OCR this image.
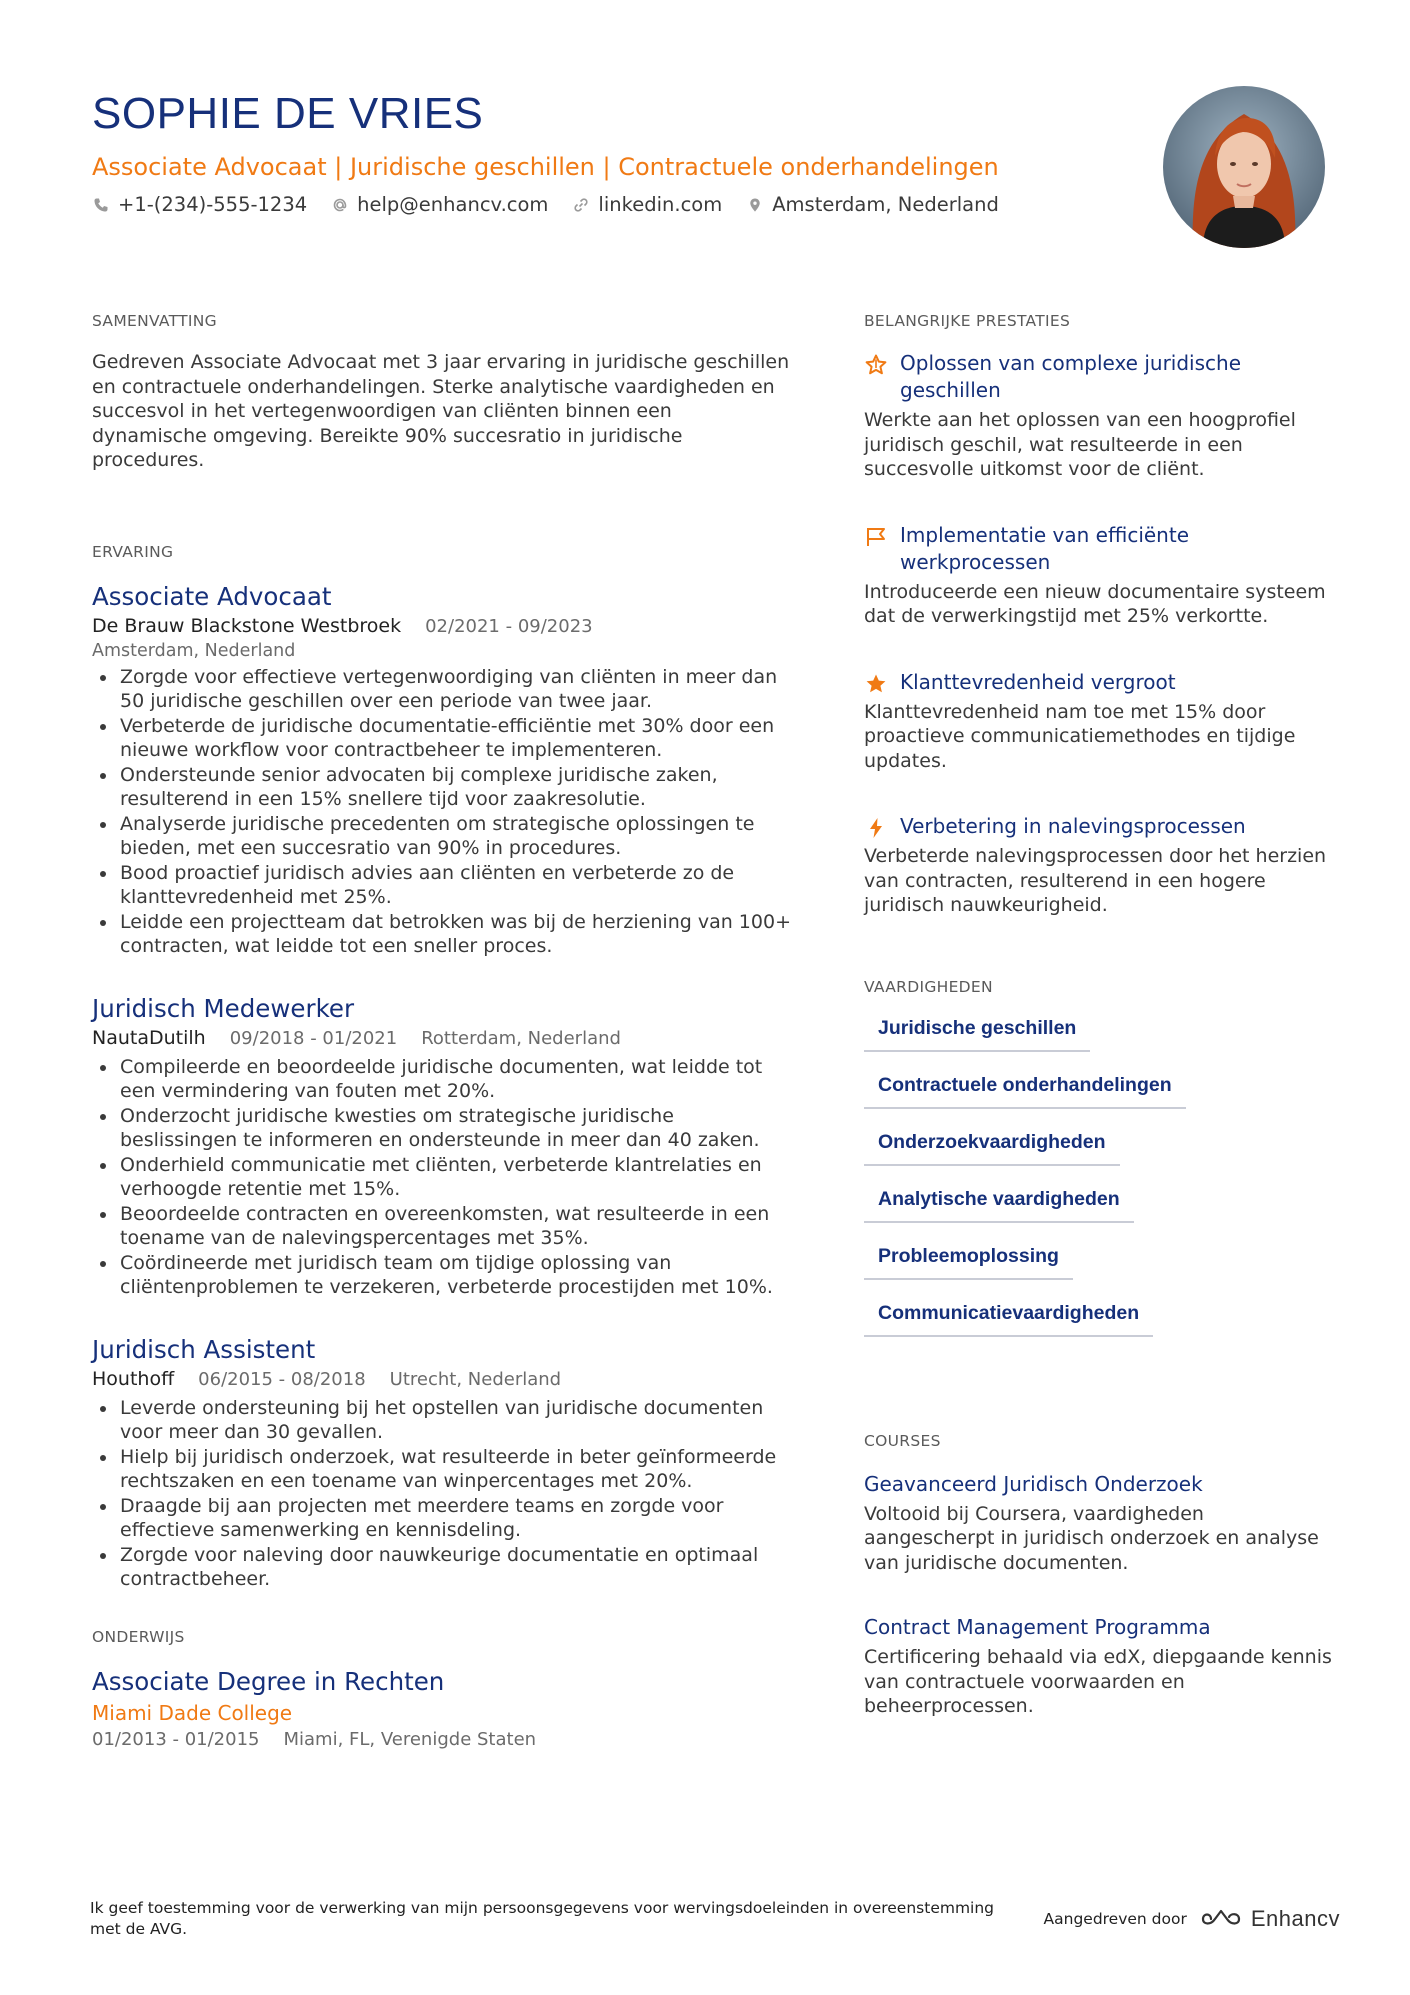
SOPHIE DE VRIES
Associate Advocaat | Juridische geschillen | Contractuele onderhandelingen
+1-(234)-555-1234	help@enhancv.com	linkedin.com	Amsterdam, Nederland
SAMENVATTING

Gedreven Associate Advocaat met 3 jaar ervaring in juridische geschillen en contractuele onderhandelingen. Sterke analytische vaardigheden en succesvol in het vertegenwoordigen van cliënten binnen een dynamische omgeving. Bereikte 90% succesratio in juridische procedures.

ERVARING
Associate Advocaat
De Brauw Blackstone Westbroek 02/2021 - 09/2023
Amsterdam, Nederland
Zorgde voor effectieve vertegenwoordiging van cliënten in meer dan 50 juridische geschillen over een periode van twee jaar.
Verbeterde de juridische documentatie-efficiëntie met 30% door een nieuwe workflow voor contractbeheer te implementeren.
Ondersteunde senior advocaten bij complexe juridische zaken, resulterend in een 15% snellere tijd voor zaakresolutie.
Analyserde juridische precedenten om strategische oplossingen te bieden, met een succesratio van 90% in procedures.
Bood proactief juridisch advies aan cliënten en verbeterde zo de klanttevredenheid met 25%.
Leidde een projectteam dat betrokken was bij de herziening van 100+ contracten, wat leidde tot een sneller proces.
Juridisch Medewerker
NautaDutilh 09/2018 - 01/2021 Rotterdam, Nederland
Compileerde en beoordeelde juridische documenten, wat leidde tot een vermindering van fouten met 20%.
Onderzocht juridische kwesties om strategische juridische beslissingen te informeren en ondersteunde in meer dan 40 zaken.
Onderhield communicatie met cliënten, verbeterde klantrelaties en verhoogde retentie met 15%.
Beoordeelde contracten en overeenkomsten, wat resulteerde in een toename van de nalevingspercentages met 35%.
Coördineerde met juridisch team om tijdige oplossing van cliëntenproblemen te verzekeren, verbeterde procestijden met 10%.
Juridisch Assistent
Houthoff 06/2015 - 08/2018 Utrecht, Nederland
Leverde ondersteuning bij het opstellen van juridische documenten voor meer dan 30 gevallen.
Hielp bij juridisch onderzoek, wat resulteerde in beter geïnformeerde rechtszaken en een toename van winpercentages met 20%.
Draagde bij aan projecten met meerdere teams en zorgde voor effectieve samenwerking en kennisdeling.
Zorgde voor naleving door nauwkeurige documentatie en optimaal contractbeheer.
ONDERWIJS
Associate Degree in Rechten
Miami Dade College
01/2013 - 01/2015 Miami, FL, Verenigde Staten
BELANGRIJKE PRESTATIES
Oplossen van complexe juridische geschillen
Werkte aan het oplossen van een hoogprofiel juridisch geschil, wat resulteerde in een succesvolle uitkomst voor de cliënt.
Implementatie van efficiënte werkprocessen
Introduceerde een nieuw documentaire systeem dat de verwerkingstijd met 25% verkortte.
Klanttevredenheid vergroot
Klanttevredenheid nam toe met 15% door proactieve communicatiemethodes en tijdige updates.
Verbetering in nalevingsprocessen
Verbeterde nalevingsprocessen door het herzien van contracten, resulterend in een hogere juridisch nauwkeurigheid.
VAARDIGHEDEN
Juridische geschillen
Contractuele onderhandelingen
Onderzoekvaardigheden
Analytische vaardigheden
Probleemoplossing
Communicatievaardigheden
COURSES
Geavanceerd Juridisch Onderzoek
Voltooid bij Coursera, vaardigheden aangescherpt in juridisch onderzoek en analyse van juridische documenten.
Contract Management Programma
Certificering behaald via edX, diepgaande kennis van contractuele voorwaarden en beheerprocessen.
Ik geef toestemming voor de verwerking van mijn persoonsgegevens voor wervingsdoeleinden in overeenstemming met de AVG.
Aangedreven door	Enhancv
